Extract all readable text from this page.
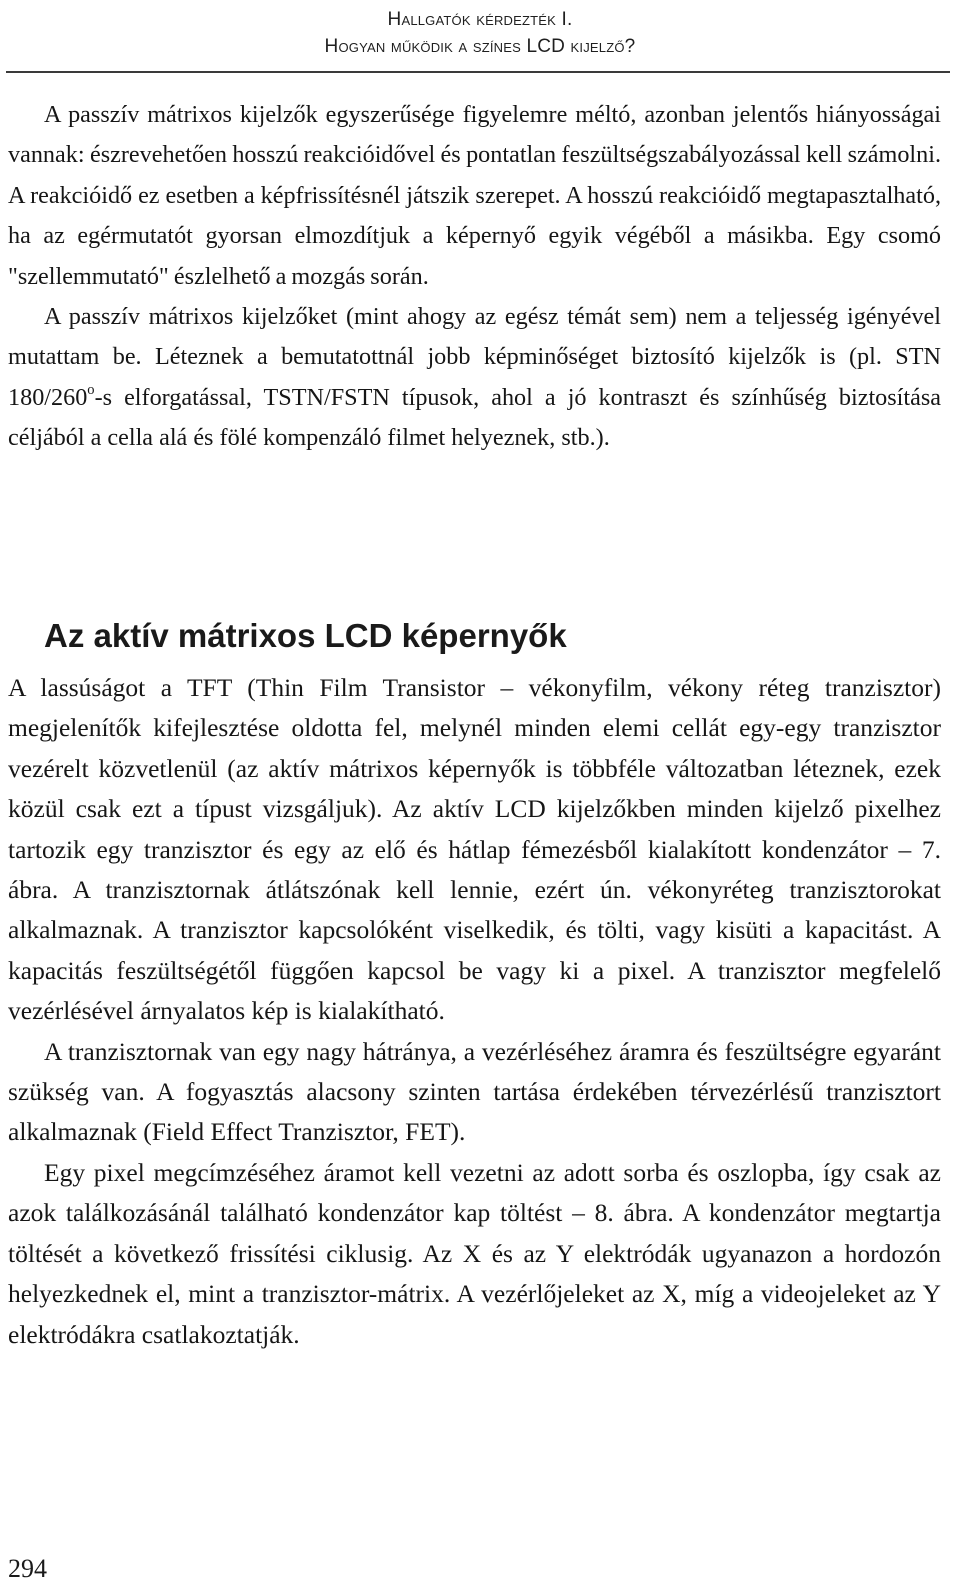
Hallgatók kérdezték I.
Hogyan működik a színes LCD kijelző?

A passzív mátrixos kijelzők egyszerűsége figyelemre méltó, azonban jelentős hiányosságai vannak: észrevehetően hosszú reakcióidővel és pontatlan feszültségszabályozással kell számolni. A reakcióidő ez esetben a képfrissítésnél játszik szerepet. A hosszú reakcióidő megtapasztalható, ha az egérmutatót gyorsan elmozdítjuk a képernyő egyik végéből a másikba. Egy csomó "szellemmutató" észlelhető a mozgás során.

A passzív mátrixos kijelzőket (mint ahogy az egész témát sem) nem a teljesség igényével mutattam be. Léteznek a bemutatottnál jobb képminőséget biztosító kijelzők is (pl. STN 180/260$^o$-s elforgatással, TSTN/FSTN típusok, ahol a jó kontraszt és színhűség biztosítása céljából a cella alá és fölé kompenzáló filmet helyeznek, stb.).

Az aktív mátrixos LCD képernyők

A lassúságot a TFT (Thin Film Transistor – vékonyfilm, vékony réteg tranzisztor) megjelenítők kifejlesztése oldotta fel, melynél minden elemi cellát egy-egy tranzisztor vezérelt közvetlenül (az aktív mátrixos képernyők is többféle változatban léteznek, ezek közül csak ezt a típust vizsgáljuk). Az aktív LCD kijelzőkben minden kijelző pixelhez tartozik egy tranzisztor és egy az elő és hátlap fémezésből kialakított kondenzátor – 7. ábra. A tranzisztornak átlátszónak kell lennie, ezért ún. vékonyréteg tranzisztorokat alkalmaznak. A tranzisztor kapcsolóként viselkedik, és tölti, vagy kisüti a kapacitást. A kapacitás feszültségétől függően kapcsol be vagy ki a pixel. A tranzisztor megfelelő vezérlésével árnyalatos kép is kialakítható.

A tranzisztornak van egy nagy hátránya, a vezérléséhez áramra és feszültségre egyaránt szükség van. A fogyasztás alacsony szinten tartása érdekében térvezérlésű tranzisztort alkalmaznak (Field Effect Tranzisztor, FET).

Egy pixel megcímzéséhez áramot kell vezetni az adott sorba és oszlopba, így csak az azok találkozásánál található kondenzátor kap töltést – 8. ábra. A kondenzátor megtartja töltését a következő frissítési ciklusig. Az X és az Y elektródák ugyanazon a hordozón helyezkednek el, mint a tranzisztor-mátrix. A vezérlőjeleket az X, míg a videojeleket az Y elektródákra csatlakoztatják.

294
